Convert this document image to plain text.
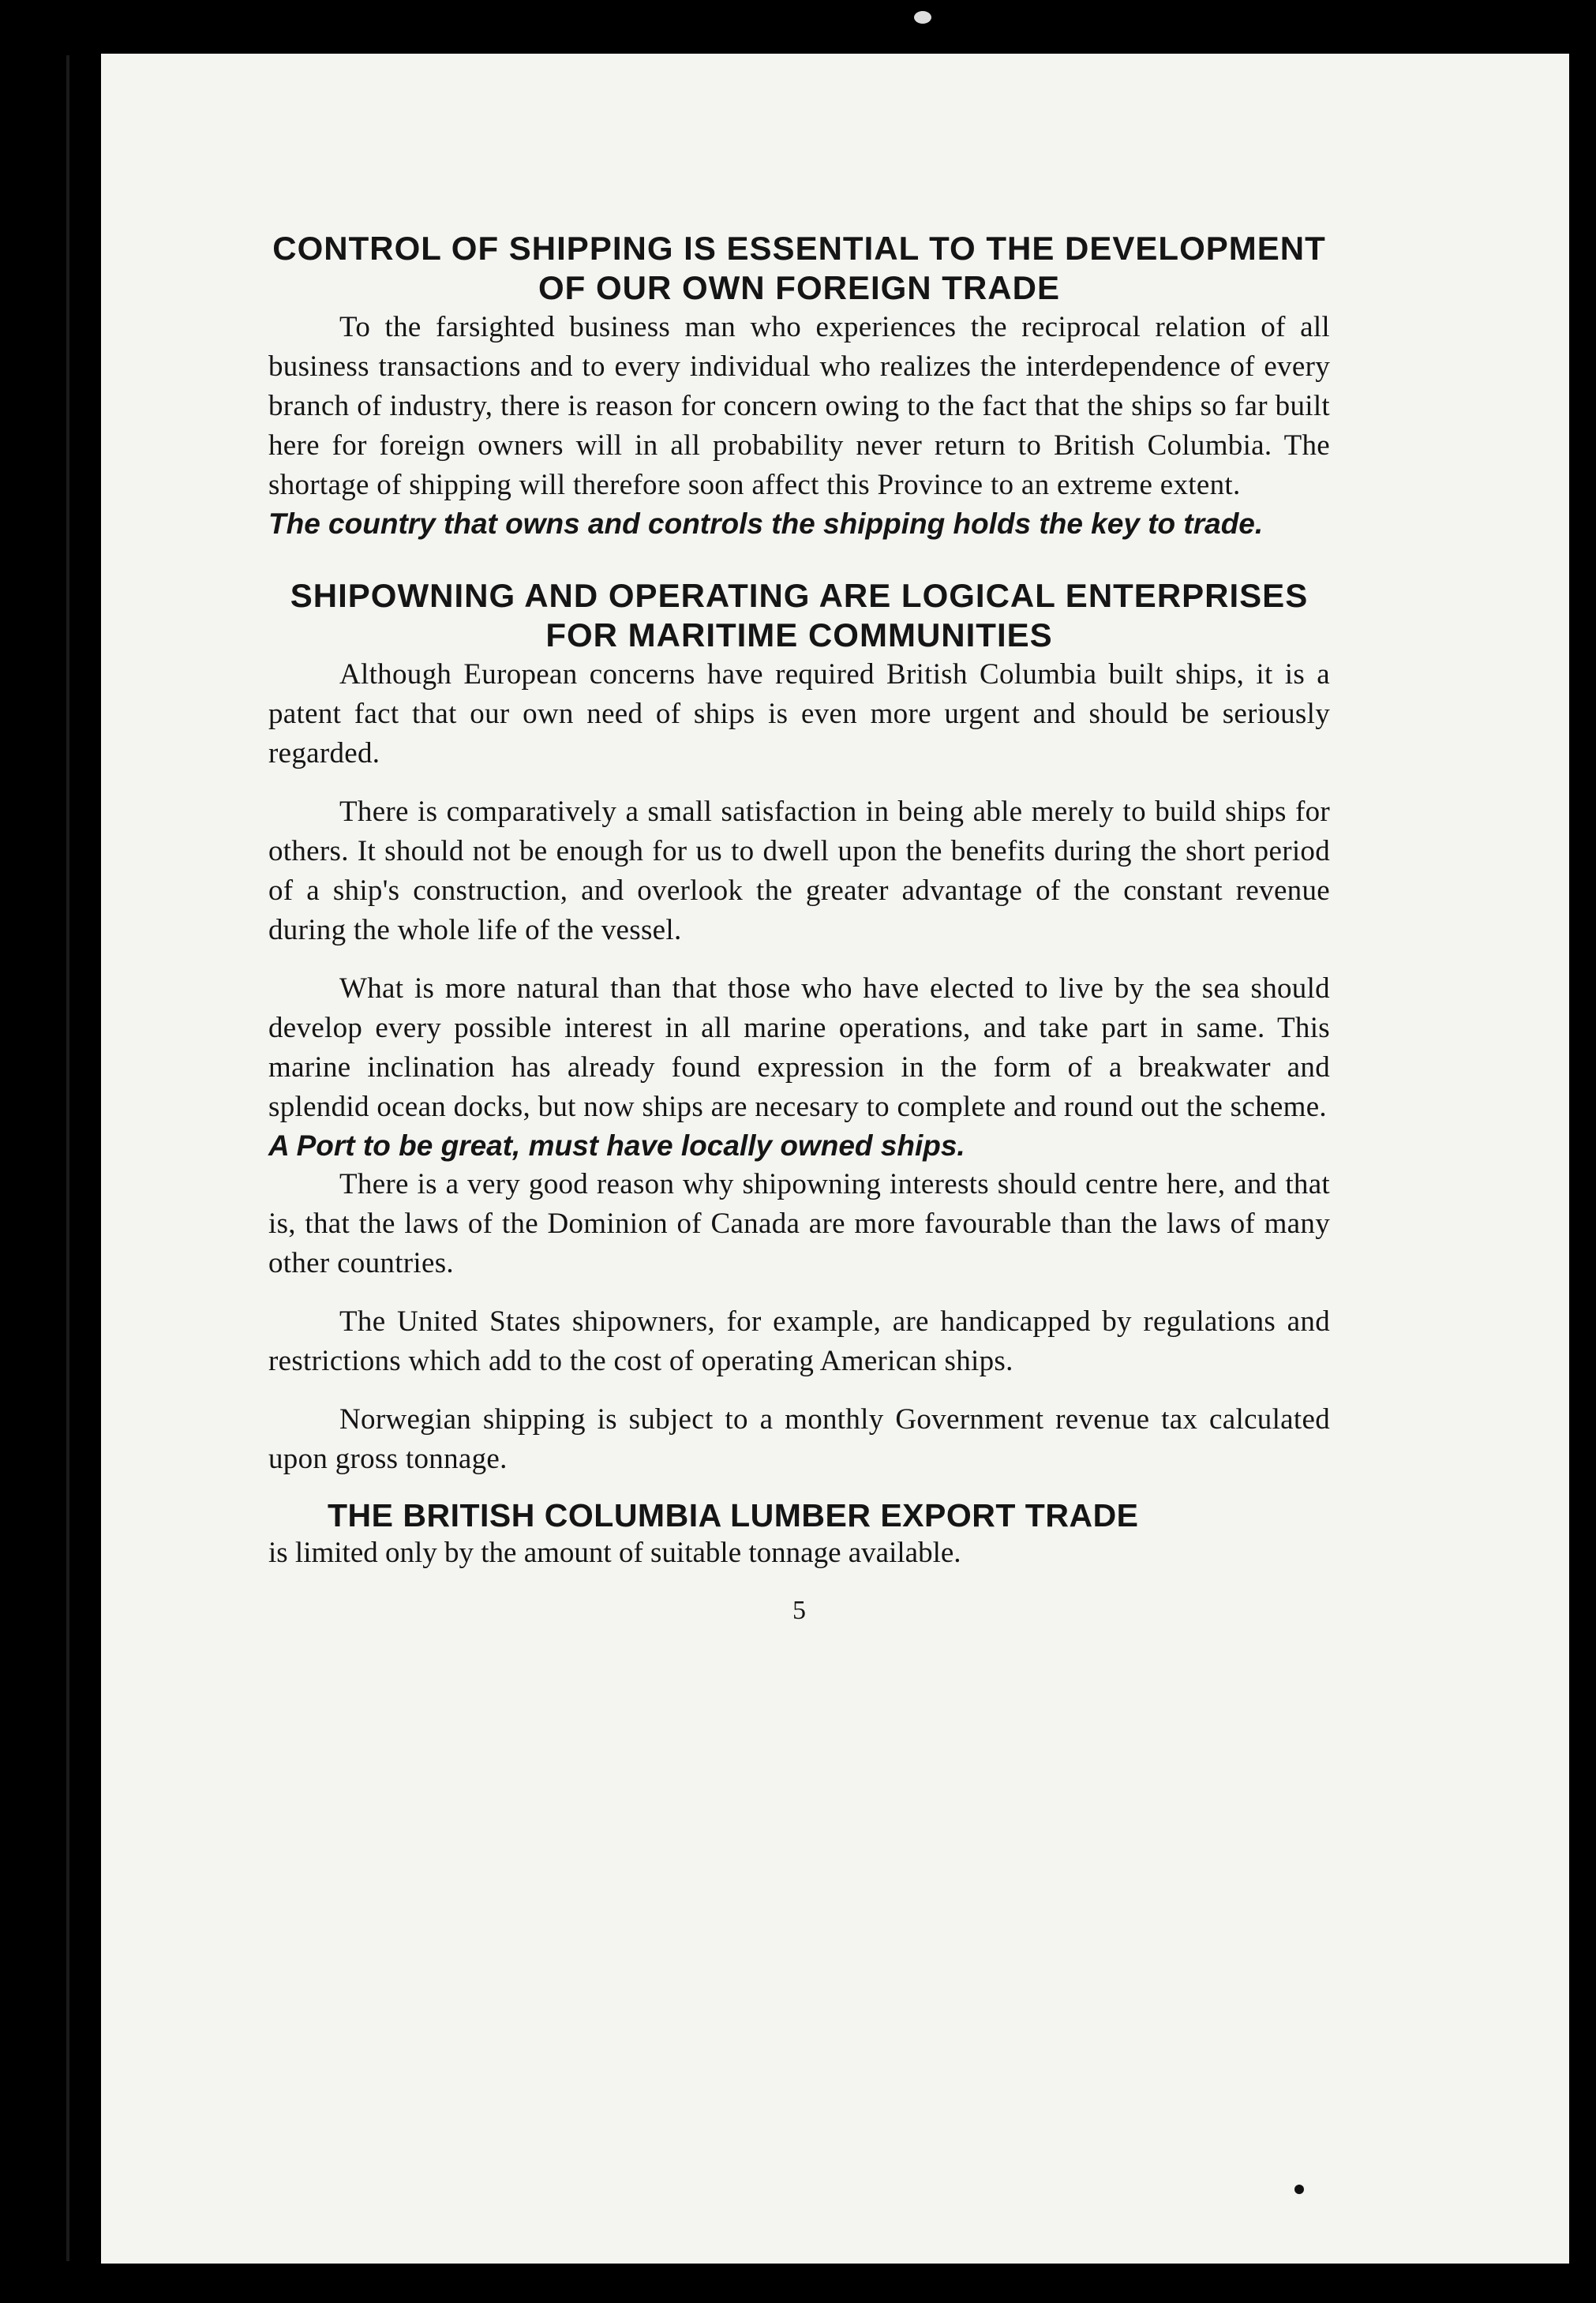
CONTROL OF SHIPPING IS ESSENTIAL TO THE DEVELOPMENT OF OUR OWN FOREIGN TRADE

To the farsighted business man who experiences the reciprocal relation of all business transactions and to every individual who realizes the interdependence of every branch of industry, there is reason for concern owing to the fact that the ships so far built here for foreign owners will in all probability never return to British Columbia. The shortage of shipping will therefore soon affect this Province to an extreme extent.

The country that owns and controls the shipping holds the key to trade.

SHIPOWNING AND OPERATING ARE LOGICAL ENTERPRISES FOR MARITIME COMMUNITIES

Although European concerns have required British Columbia built ships, it is a patent fact that our own need of ships is even more urgent and should be seriously regarded.

There is comparatively a small satisfaction in being able merely to build ships for others. It should not be enough for us to dwell upon the benefits during the short period of a ship's construction, and overlook the greater advantage of the constant revenue during the whole life of the vessel.

What is more natural than that those who have elected to live by the sea should develop every possible interest in all marine operations, and take part in same. This marine inclination has already found expression in the form of a breakwater and splendid ocean docks, but now ships are necesary to complete and round out the scheme.

A Port to be great, must have locally owned ships.

There is a very good reason why shipowning interests should centre here, and that is, that the laws of the Dominion of Canada are more favourable than the laws of many other countries.

The United States shipowners, for example, are handicapped by regulations and restrictions which add to the cost of operating American ships.

Norwegian shipping is subject to a monthly Government revenue tax calculated upon gross tonnage.

THE BRITISH COLUMBIA LUMBER EXPORT TRADE
is limited only by the amount of suitable tonnage available.
5
